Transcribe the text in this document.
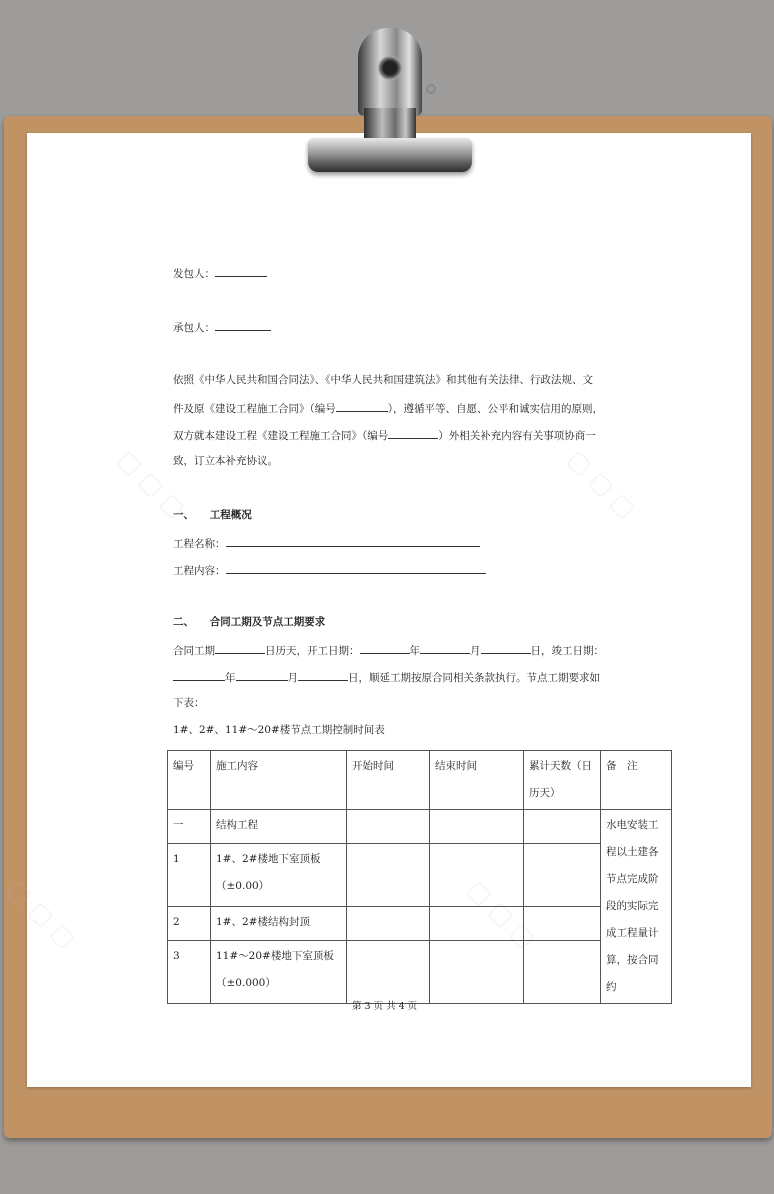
▢ ▢ ▢	▢ ▢ ▢
▢ ▢ ▢	▢ ▢ ▢
发包人：
承包人：
依照《中华人民共和国合同法》、《中华人民共和国建筑法》和其他有关法律、行政法规、文
件及原《建设工程施工合同》（编号	），遵循平等、自愿、公平和诚实信用的原则，
双方就本建设工程《建设工程施工合同》（编号	）外相关补充内容有关事项协商一
致，订立本补充协议。
一、　　工程概况
工程名称：
工程内容：
二、　　合同工期及节点工期要求
合同工期	日历天，开工日期：	年	月	日，竣工日期：
年	月	日，顺延工期按原合同相关条款执行。节点工期要求如
下表：
1#、2#、11#～20#楼节点工期控制时间表
编号	施工内容	开始时间	结束时间	累计天数（日历天）	备　注
一	结构工程				水电安装工程以土建各节点完成阶段的实际完成工程量计算，按合同约
1	1#、2#楼地下室顶板（±0.00）				
2	1#、2#楼结构封顶				
3	11#～20#楼地下室顶板（±0.000）				
第 3 页 共 4 页
